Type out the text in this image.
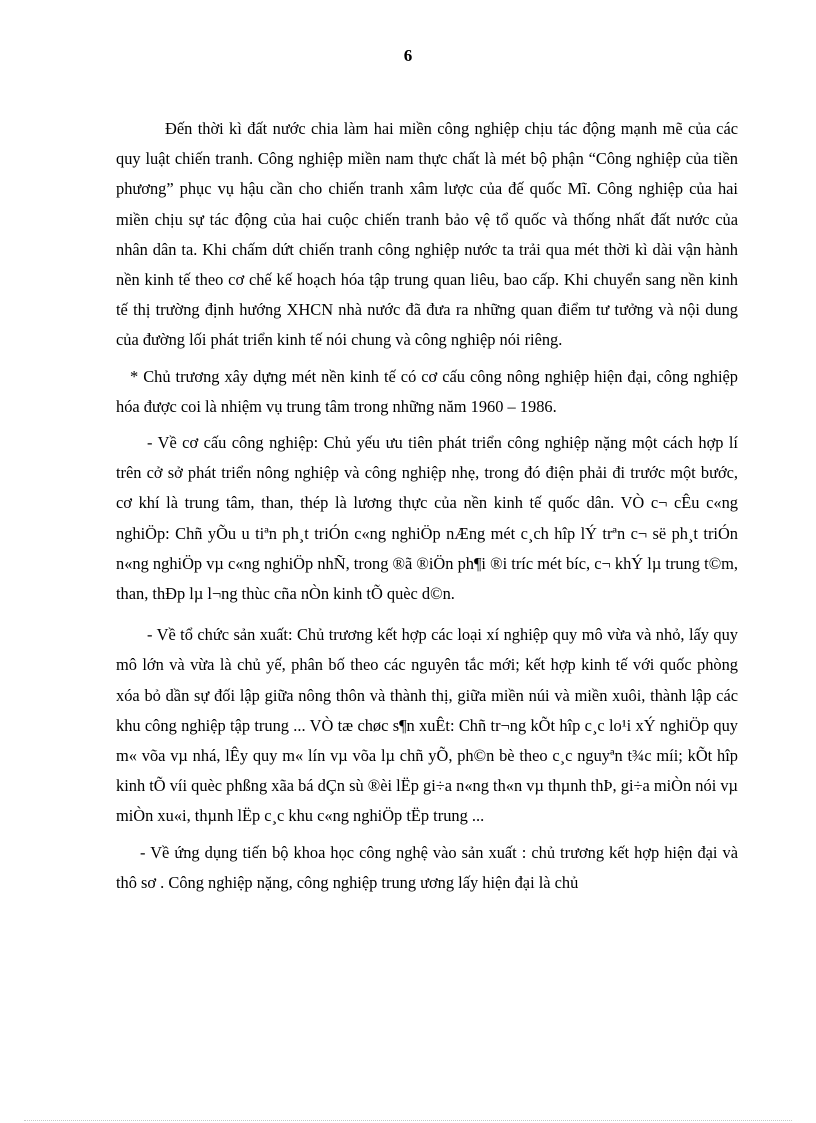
6

Đến thời kì đất nước chia làm hai miền công nghiệp chịu tác động mạnh mẽ của các quy luật chiến tranh. Công nghiệp miền nam thực chất là mét bộ phận “Công nghiệp của tiền phương” phục vụ hậu cần cho chiến tranh xâm lược của đế quốc Mĩ. Công nghiệp của hai miền chịu sự tác động của hai cuộc chiến tranh bảo vệ tổ quốc và thống nhất đất nước của nhân dân ta. Khi chấm dứt chiến tranh công nghiệp nước ta trải qua mét thời kì dài vận hành nền kinh tế theo cơ chế kế hoạch hóa tập trung quan liêu, bao cấp. Khi chuyển sang nền kinh tế thị trường định hướng XHCN nhà nước đã đưa ra những quan điểm tư tưởng và nội dung của đường lối phát triển kinh tế nói chung và công nghiệp nói riêng.

* Chủ trương xây dựng mét nền kinh tế có cơ cấu công nông nghiệp hiện đại, công nghiệp hóa được coi là nhiệm vụ trung tâm trong những năm 1960 – 1986.

- Về cơ cấu công nghiệp: Chủ yếu ưu tiên phát triển công nghiệp nặng một cách hợp lí trên cở sở phát triển nông nghiệp và công nghiệp nhẹ, trong đó điện phải đi trước một bước, cơ khí là trung tâm, than, thép là lương thực của nền kinh tế quốc dân. VÒ c¬ cÊu c«ng nghiÖp: Chñ yÕu u tiªn ph¸t triÓn c«ng nghiÖp nÆng mét c¸ch hîp lÝ trªn c¬ së ph¸t triÓn n«ng nghiÖp vµ c«ng nghiÖp nhÑ, trong ®ã ®iÖn ph¶i ®i tríc mét bíc, c¬ khÝ lµ trung t©m, than, thÐp lµ l¬ng thùc cña nÒn kinh tÕ quèc d©n.

- Về tổ chức sản xuất: Chủ trương kết hợp các loại xí nghiệp quy mô vừa và nhỏ, lấy quy mô lớn và vừa là chủ yế, phân bố theo các nguyên tắc mới; kết hợp kinh tế với quốc phòng xóa bỏ dần sự đối lập giữa nông thôn và thành thị, giữa miền núi và miền xuôi, thành lập các khu công nghiệp tập trung ... VÒ tæ chøc s¶n xuÊt: Chñ tr¬ng kÕt hîp c¸c lo¹i xÝ nghiÖp quy m« võa vµ nhá, lÊy quy m« lín vµ võa lµ chñ yÕ, ph©n bè theo c¸c nguyªn t¾c míi; kÕt hîp kinh tÕ víi quèc phßng xãa bá dÇn sù ®èi lËp gi÷a n«ng th«n vµ thµnh thÞ, gi÷a miÒn nói vµ miÒn xu«i, thµnh lËp c¸c khu c«ng nghiÖp tËp trung ...

- Về ứng dụng tiến bộ khoa học công nghệ vào sản xuất : chủ trương kết hợp hiện đại và thô sơ . Công nghiệp nặng, công nghiệp trung ương lấy hiện đại là chủ
